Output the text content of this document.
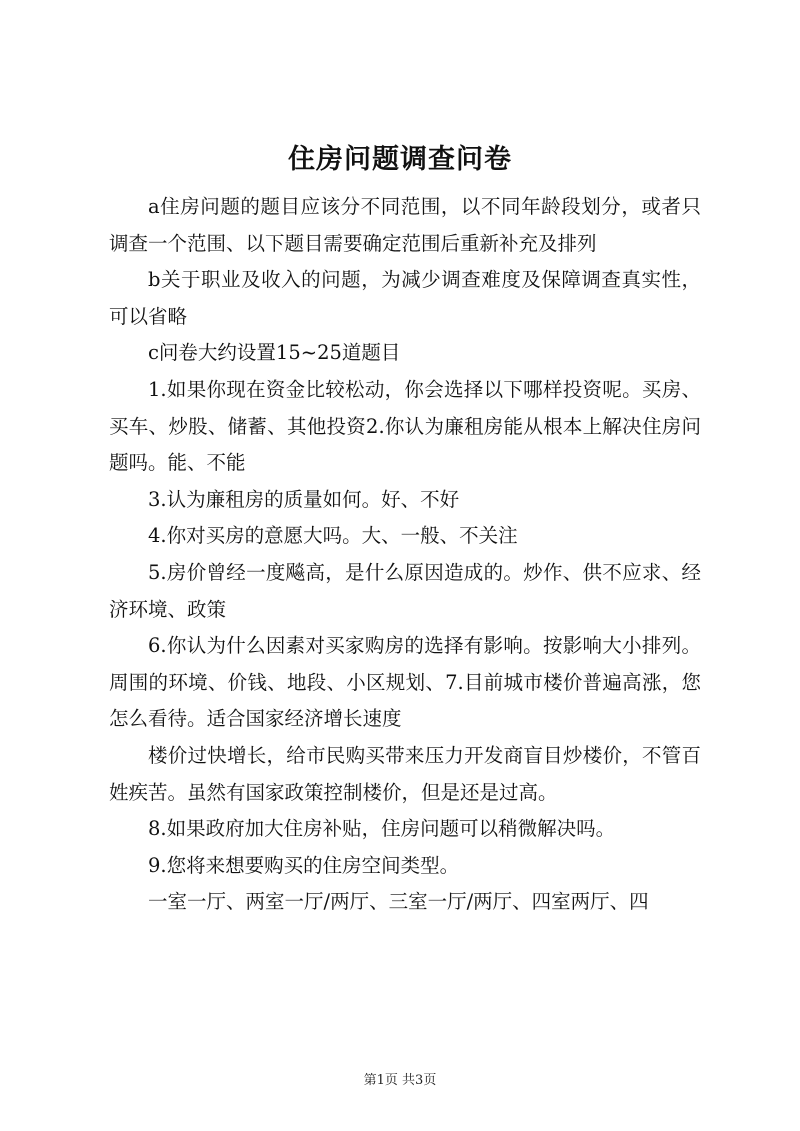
住房问题调查问卷

a住房问题的题目应该分不同范围，以不同年龄段划分，或者只调查一个范围、以下题目需要确定范围后重新补充及排列

b关于职业及收入的问题，为减少调查难度及保障调查真实性，可以省略

c问卷大约设置15~25道题目

1.如果你现在资金比较松动，你会选择以下哪样投资呢。买房、买车、炒股、储蓄、其他投资2.你认为廉租房能从根本上解决住房问题吗。能、不能

3.认为廉租房的质量如何。好、不好

4.你对买房的意愿大吗。大、一般、不关注

5.房价曾经一度飚高，是什么原因造成的。炒作、供不应求、经济环境、政策

6.你认为什么因素对买家购房的选择有影响。按影响大小排列。周围的环境、价钱、地段、小区规划、7.目前城市楼价普遍高涨，您怎么看待。适合国家经济增长速度

楼价过快增长，给市民购买带来压力开发商盲目炒楼价，不管百姓疾苦。虽然有国家政策控制楼价，但是还是过高。

8.如果政府加大住房补贴，住房问题可以稍微解决吗。

9.您将来想要购买的住房空间类型。

一室一厅、两室一厅/两厅、三室一厅/两厅、四室两厅、四

第1页 共3页
